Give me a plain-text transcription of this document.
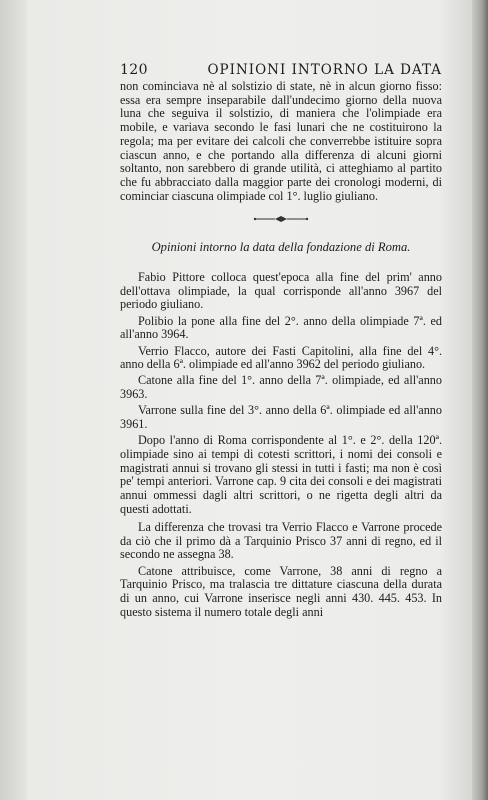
120	OPINIONI INTORNO LA DATA

non cominciava nè al solstizio di state, nè in alcun giorno fisso: essa era sempre inseparabile dall'undecimo giorno della nuova luna che seguiva il solstizio, di maniera che l'olimpiade era mobile, e variava secondo le fasi lunari che ne costituirono la regola; ma per evitare dei calcoli che converrebbe istituire sopra ciascun anno, e che portando alla differenza di alcuni giorni soltanto, non sarebbero di grande utilità, ci atteghiamo al partito che fu abbracciato dalla maggior parte dei cronologi moderni, di cominciar ciascuna olimpiade col 1°. luglio giuliano.

Opinioni intorno la data della fondazione di Roma.

Fabio Pittore colloca quest'epoca alla fine del prim' anno dell'ottava olimpiade, la qual corrisponde all'anno 3967 del periodo giuliano.

Polibio la pone alla fine del 2°. anno della olimpiade 7ª. ed all'anno 3964.

Verrio Flacco, autore dei Fasti Capitolini, alla fine del 4°. anno della 6ª. olimpiade ed all'anno 3962 del periodo giuliano.

Catone alla fine del 1°. anno della 7ª. olimpiade, ed all'anno 3963.

Varrone sulla fine del 3°. anno della 6ª. olimpiade ed all'anno 3961.

Dopo l'anno di Roma corrispondente al 1°. e 2°. della 120ª. olimpiade sino ai tempi di cotesti scrittori, i nomi dei consoli e magistrati annui si trovano gli stessi in tutti i fasti; ma non è così pe' tempi anteriori. Varrone cap. 9 cita dei consoli e dei magistrati annui ommessi dagli altri scrittori, o ne rigetta degli altri da questi adottati.

La differenza che trovasi tra Verrio Flacco e Varrone procede da ciò che il primo dà a Tarquinio Prisco 37 anni di regno, ed il secondo ne assegna 38.

Catone attribuisce, come Varrone, 38 anni di regno a Tarquinio Prisco, ma tralascia tre dittature ciascuna della durata di un anno, cui Varrone inserisce negli anni 430. 445. 453. In questo sistema il numero totale degli anni
